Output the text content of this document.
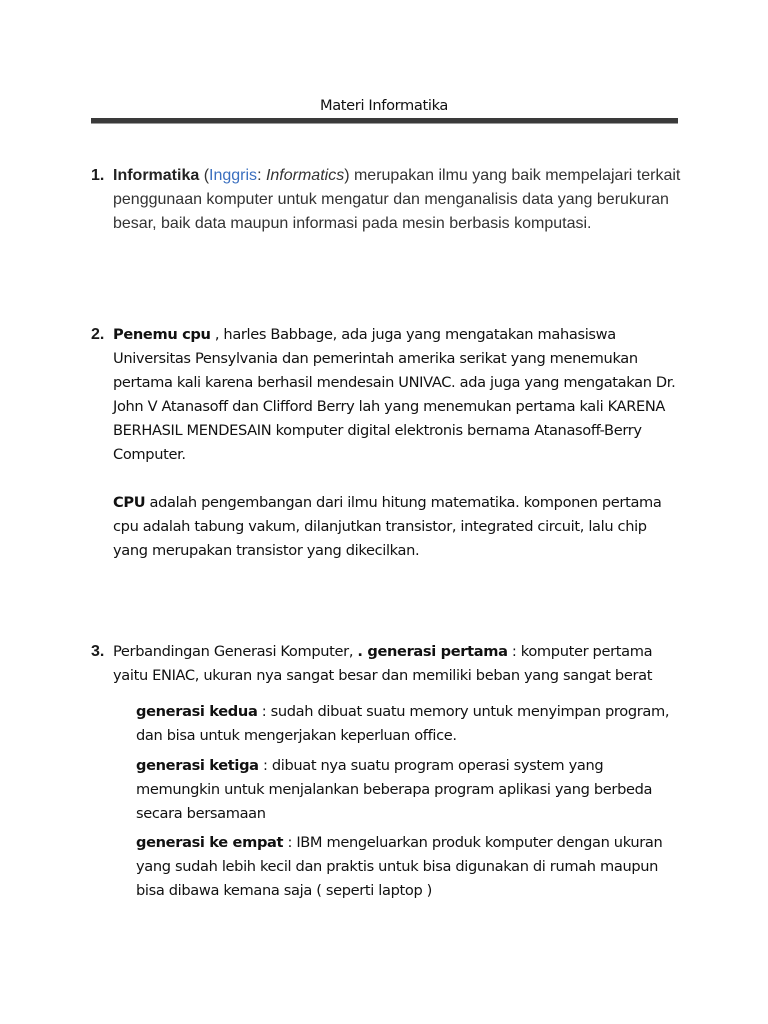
Materi Informatika
1. Informatika (Inggris: Informatics) merupakan ilmu yang baik mempelajari terkait penggunaan komputer untuk mengatur dan menganalisis data yang berukuran besar, baik data maupun informasi pada mesin berbasis komputasi.

2. Penemu cpu , harles Babbage, ada juga yang mengatakan mahasiswa Universitas Pensylvania dan pemerintah amerika serikat yang menemukan pertama kali karena berhasil mendesain UNIVAC. ada juga yang mengatakan Dr. John V Atanasoff dan Clifford Berry lah yang menemukan pertama kali KARENA BERHASIL MENDESAIN komputer digital elektronis bernama Atanasoff-Berry Computer.

CPU adalah pengembangan dari ilmu hitung matematika. komponen pertama cpu adalah tabung vakum, dilanjutkan transistor, integrated circuit, lalu chip yang merupakan transistor yang dikecilkan.

3. Perbandingan Generasi Komputer, . generasi pertama : komputer pertama yaitu ENIAC, ukuran nya sangat besar dan memiliki beban yang sangat berat

generasi kedua : sudah dibuat suatu memory untuk menyimpan program, dan bisa untuk mengerjakan keperluan office.

generasi ketiga : dibuat nya suatu program operasi system yang memungkin untuk menjalankan beberapa program aplikasi yang berbeda secara bersamaan

generasi ke empat : IBM mengeluarkan produk komputer dengan ukuran yang sudah lebih kecil dan praktis untuk bisa digunakan di rumah maupun bisa dibawa kemana saja ( seperti laptop )
